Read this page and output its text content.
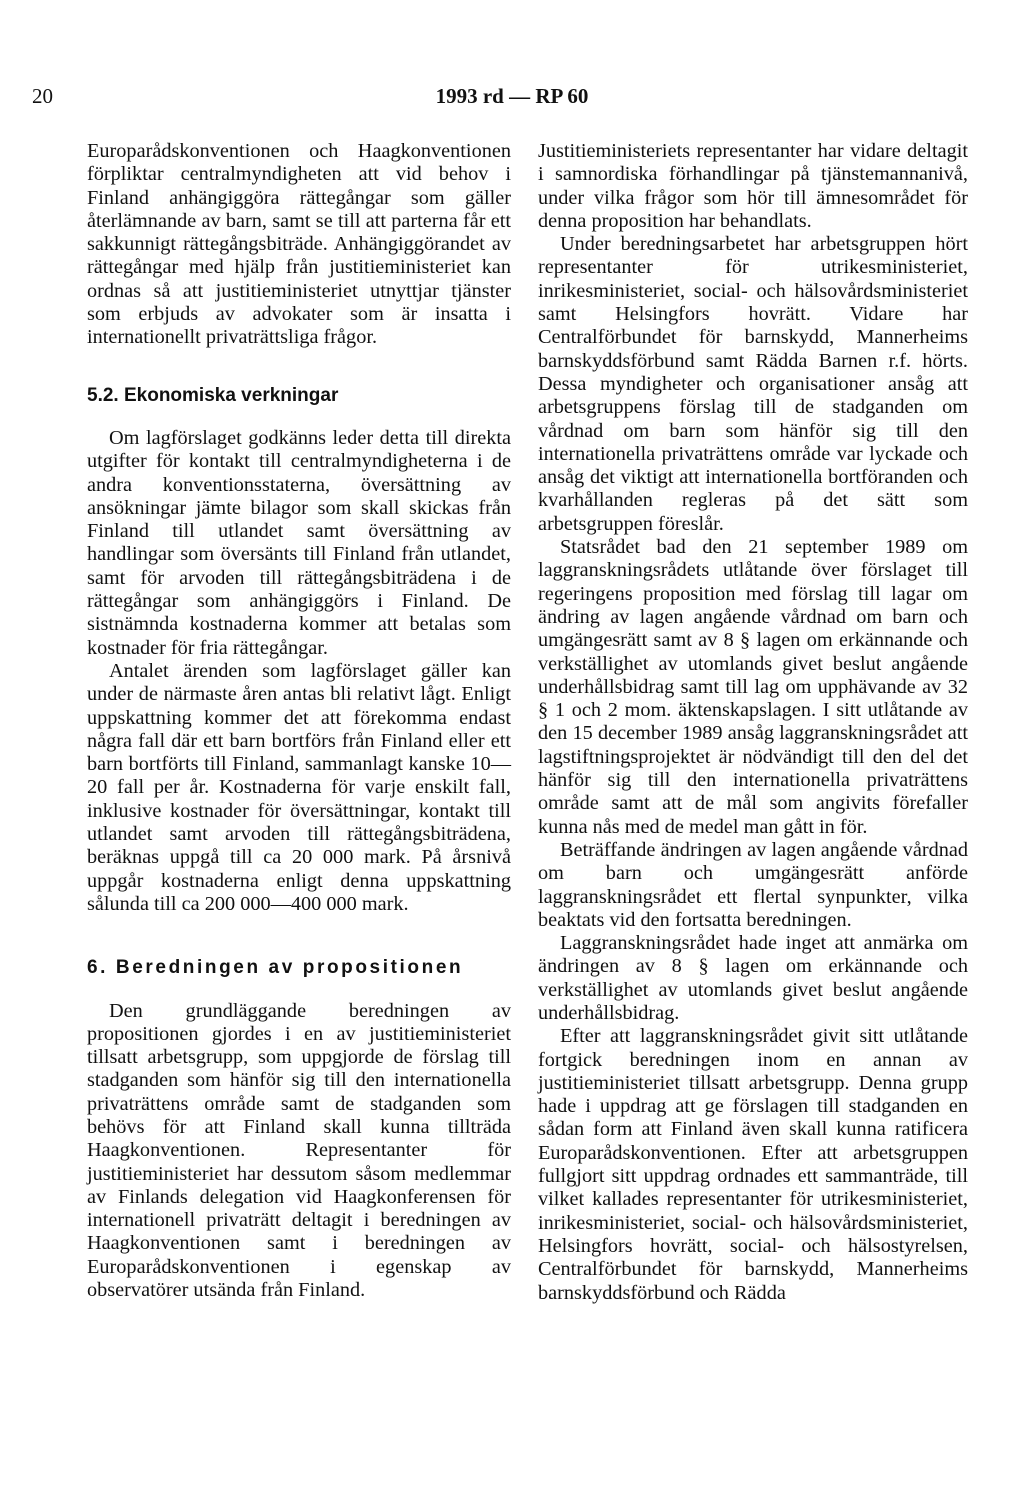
20	1993 rd — RP 60

Europarådskonventionen och Haagkonventionen förpliktar centralmyndigheten att vid behov i Finland anhängiggöra rättegångar som gäller återlämnande av barn, samt se till att parterna får ett sakkunnigt rättegångsbiträde. Anhängiggörandet av rättegångar med hjälp från justitieministeriet kan ordnas så att justitieministeriet utnyttjar tjänster som erbjuds av advokater som är insatta i internationellt privaträttsliga frågor.

5.2. Ekonomiska verkningar

Om lagförslaget godkänns leder detta till direkta utgifter för kontakt till centralmyndigheterna i de andra konventionsstaterna, översättning av ansökningar jämte bilagor som skall skickas från Finland till utlandet samt översättning av handlingar som översänts till Finland från utlandet, samt för arvoden till rättegångsbiträdena i de rättegångar som anhängiggörs i Finland. De sistnämnda kostnaderna kommer att betalas som kostnader för fria rättegångar.

Antalet ärenden som lagförslaget gäller kan under de närmaste åren antas bli relativt lågt. Enligt uppskattning kommer det att förekomma endast några fall där ett barn bortförs från Finland eller ett barn bortförts till Finland, sammanlagt kanske 10—20 fall per år. Kostnaderna för varje enskilt fall, inklusive kostnader för översättningar, kontakt till utlandet samt arvoden till rättegångsbiträdena, beräknas uppgå till ca 20 000 mark. På årsnivå uppgår kostnaderna enligt denna uppskattning sålunda till ca 200 000—400 000 mark.

6. Beredningen av propositionen

Den grundläggande beredningen av propositionen gjordes i en av justitieministeriet tillsatt arbetsgrupp, som uppgjorde de förslag till stadganden som hänför sig till den internationella privaträttens område samt de stadganden som behövs för att Finland skall kunna tillträda Haagkonventionen. Representanter för justitieministeriet har dessutom såsom medlemmar av Finlands delegation vid Haagkonferensen för internationell privaträtt deltagit i beredningen av Haagkonventionen samt i beredningen av Europarådskonventionen i egenskap av observatörer utsända från Finland.

Justitieministeriets representanter har vidare deltagit i samnordiska förhandlingar på tjänstemannanivå, under vilka frågor som hör till ämnesområdet för denna proposition har behandlats.

Under beredningsarbetet har arbetsgruppen hört representanter för utrikesministeriet, inrikesministeriet, social- och hälsovårdsministeriet samt Helsingfors hovrätt. Vidare har Centralförbundet för barnskydd, Mannerheims barnskyddsförbund samt Rädda Barnen r.f. hörts. Dessa myndigheter och organisationer ansåg att arbetsgruppens förslag till de stadganden om vårdnad om barn som hänför sig till den internationella privaträttens område var lyckade och ansåg det viktigt att internationella bortföranden och kvarhållanden regleras på det sätt som arbetsgruppen föreslår.

Statsrådet bad den 21 september 1989 om laggranskningsrådets utlåtande över förslaget till regeringens proposition med förslag till lagar om ändring av lagen angående vårdnad om barn och umgängesrätt samt av 8 § lagen om erkännande och verkställighet av utomlands givet beslut angående underhållsbidrag samt till lag om upphävande av 32 § 1 och 2 mom. äktenskapslagen. I sitt utlåtande av den 15 december 1989 ansåg laggranskningsrådet att lagstiftningsprojektet är nödvändigt till den del det hänför sig till den internationella privaträttens område samt att de mål som angivits förefaller kunna nås med de medel man gått in för.

Beträffande ändringen av lagen angående vårdnad om barn och umgängesrätt anförde laggranskningsrådet ett flertal synpunkter, vilka beaktats vid den fortsatta beredningen.

Laggranskningsrådet hade inget att anmärka om ändringen av 8 § lagen om erkännande och verkställighet av utomlands givet beslut angående underhållsbidrag.

Efter att laggranskningsrådet givit sitt utlåtande fortgick beredningen inom en annan av justitieministeriet tillsatt arbetsgrupp. Denna grupp hade i uppdrag att ge förslagen till stadganden en sådan form att Finland även skall kunna ratificera Europarådskonventionen. Efter att arbetsgruppen fullgjort sitt uppdrag ordnades ett sammanträde, till vilket kallades representanter för utrikesministeriet, inrikesministeriet, social- och hälsovårdsministeriet, Helsingfors hovrätt, social- och hälsostyrelsen, Centralförbundet för barnskydd, Mannerheims barnskyddsförbund och Rädda
